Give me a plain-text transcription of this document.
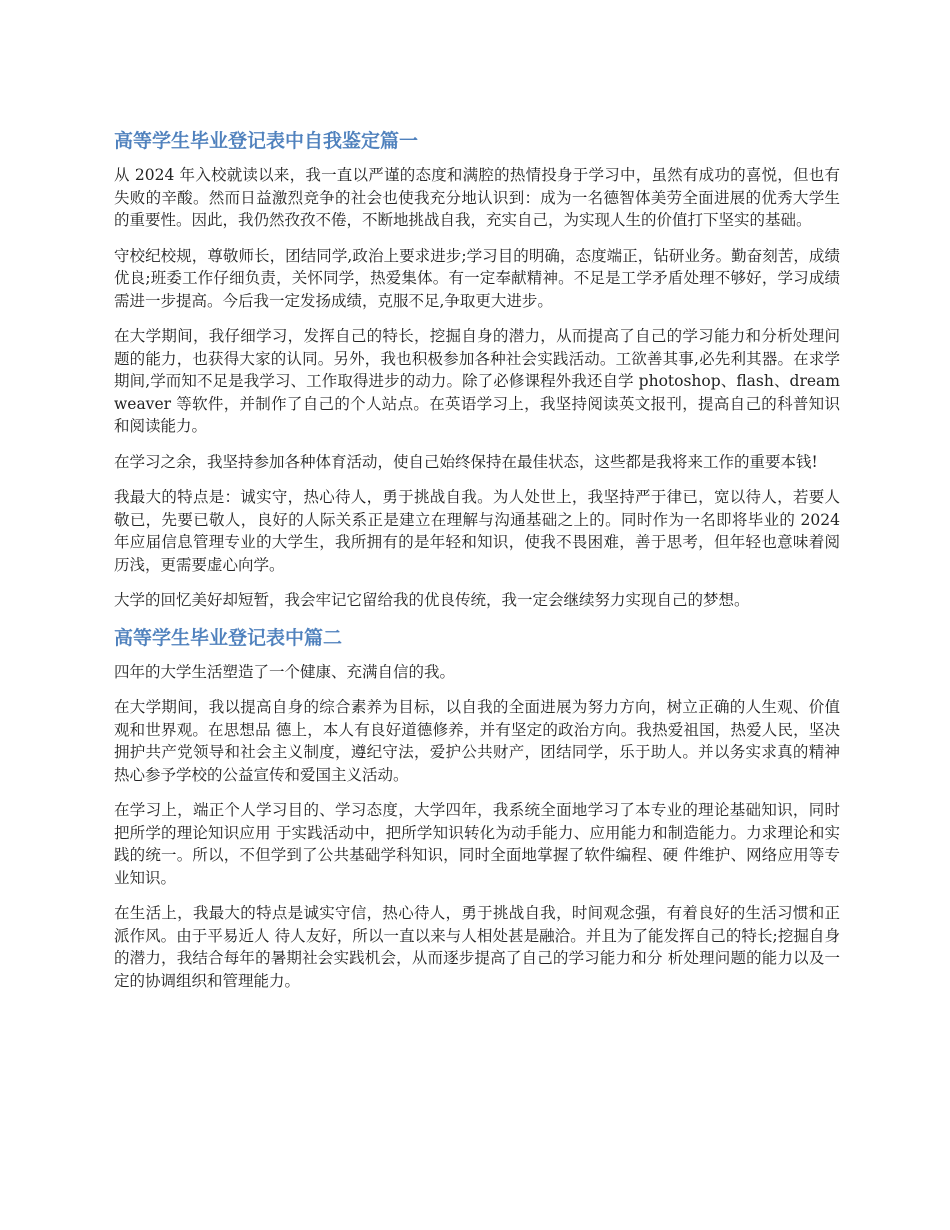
高等学生毕业登记表中自我鉴定篇一

从 2024 年入校就读以来，我一直以严谨的态度和满腔的热情投身于学习中，虽然有成功的喜悦，但也有失败的辛酸。然而日益激烈竞争的社会也使我充分地认识到：成为一名德智体美劳全面进展的优秀大学生的重要性。因此，我仍然孜孜不倦，不断地挑战自我，充实自己，为实现人生的价值打下坚实的基础。

守校纪校规，尊敬师长，团结同学,政治上要求进步;学习目的明确，态度端正，钻研业务。勤奋刻苦，成绩优良;班委工作仔细负责，关怀同学，热爱集体。有一定奉献精神。不足是工学矛盾处理不够好，学习成绩需进一步提高。今后我一定发扬成绩，克服不足,争取更大进步。

在大学期间，我仔细学习，发挥自己的特长，挖掘自身的潜力，从而提高了自己的学习能力和分析处理问题的能力，也获得大家的认同。另外，我也积极参加各种社会实践活动。工欲善其事,必先利其器。在求学期间,学而知不足是我学习、工作取得进步的动力。除了必修课程外我还自学 photoshop、flash、dreamweaver 等软件，并制作了自己的个人站点。在英语学习上，我坚持阅读英文报刊，提高自己的科普知识和阅读能力。

在学习之余，我坚持参加各种体育活动，使自己始终保持在最佳状态，这些都是我将来工作的重要本钱!

我最大的特点是：诚实守，热心待人，勇于挑战自我。为人处世上，我坚持严于律已，宽以待人，若要人敬已，先要已敬人，良好的人际关系正是建立在理解与沟通基础之上的。同时作为一名即将毕业的 2024 年应届信息管理专业的大学生，我所拥有的是年轻和知识，使我不畏困难，善于思考，但年轻也意味着阅历浅，更需要虚心向学。

大学的回忆美好却短暂，我会牢记它留给我的优良传统，我一定会继续努力实现自己的梦想。

高等学生毕业登记表中篇二

四年的大学生活塑造了一个健康、充满自信的我。

在大学期间，我以提高自身的综合素养为目标，以自我的全面进展为努力方向，树立正确的人生观、价值观和世界观。在思想品 德上，本人有良好道德修养，并有坚定的政治方向。我热爱祖国，热爱人民，坚决拥护共产党领导和社会主义制度，遵纪守法，爱护公共财产，团结同学，乐于助人。并以务实求真的精神热心参予学校的公益宣传和爱国主义活动。

在学习上，端正个人学习目的、学习态度，大学四年，我系统全面地学习了本专业的理论基础知识，同时把所学的理论知识应用 于实践活动中，把所学知识转化为动手能力、应用能力和制造能力。力求理论和实践的统一。所以，不但学到了公共基础学科知识，同时全面地掌握了软件编程、硬 件维护、网络应用等专业知识。

在生活上，我最大的特点是诚实守信，热心待人，勇于挑战自我，时间观念强，有着良好的生活习惯和正派作风。由于平易近人 待人友好，所以一直以来与人相处甚是融洽。并且为了能发挥自己的特长;挖掘自身的潜力，我结合每年的暑期社会实践机会，从而逐步提高了自己的学习能力和分 析处理问题的能力以及一定的协调组织和管理能力。
